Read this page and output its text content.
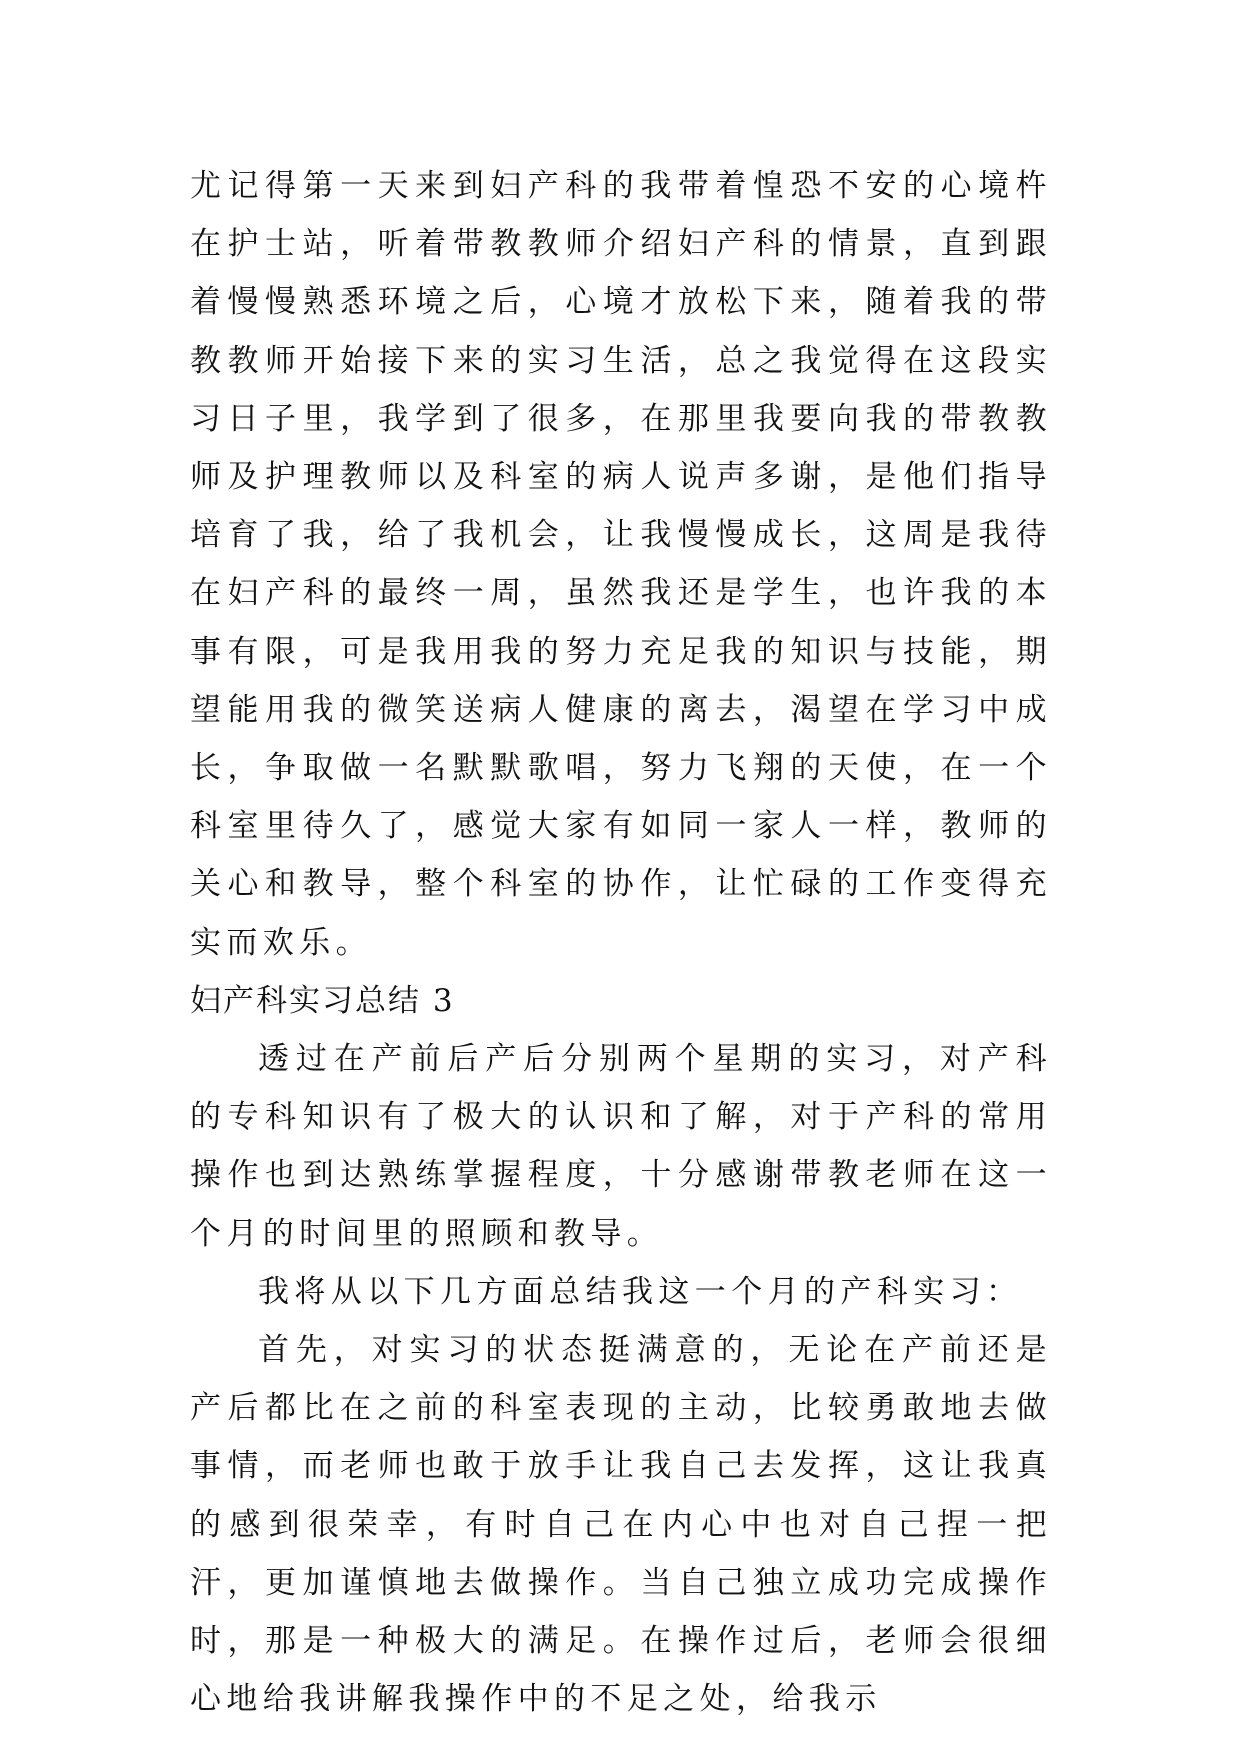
尤记得第一天来到妇产科的我带着惶恐不安的心境杵在护士站，听着带教教师介绍妇产科的情景，直到跟着慢慢熟悉环境之后，心境才放松下来，随着我的带教教师开始接下来的实习生活，总之我觉得在这段实习日子里，我学到了很多，在那里我要向我的带教教师及护理教师以及科室的病人说声多谢，是他们指导培育了我，给了我机会，让我慢慢成长，这周是我待在妇产科的最终一周，虽然我还是学生，也许我的本事有限，可是我用我的努力充足我的知识与技能，期望能用我的微笑送病人健康的离去，渴望在学习中成长，争取做一名默默歌唱，努力飞翔的天使，在一个科室里待久了，感觉大家有如同一家人一样，教师的关心和教导，整个科室的协作，让忙碌的工作变得充实而欢乐。

妇产科实习总结 3

透过在产前后产后分别两个星期的实习，对产科的专科知识有了极大的认识和了解，对于产科的常用操作也到达熟练掌握程度，十分感谢带教老师在这一个月的时间里的照顾和教导。

我将从以下几方面总结我这一个月的产科实习：

首先，对实习的状态挺满意的，无论在产前还是产后都比在之前的科室表现的主动，比较勇敢地去做事情，而老师也敢于放手让我自己去发挥，这让我真的感到很荣幸，有时自己在内心中也对自己捏一把汗，更加谨慎地去做操作。当自己独立成功完成操作时，那是一种极大的满足。在操作过后，老师会很细心地给我讲解我操作中的不足之处，给我示
